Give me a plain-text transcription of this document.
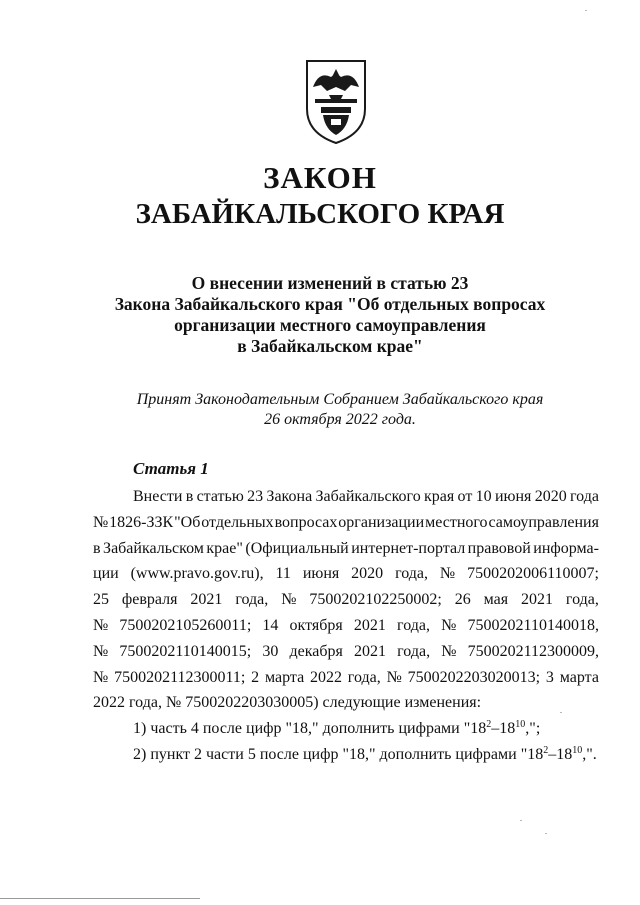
ЗАКОН
ЗАБАЙКАЛЬСКОГО КРАЯ
О внесении изменений в статью 23
Закона Забайкальского края "Об отдельных вопросах
организации местного самоуправления
в Забайкальском крае"
Принят Законодательным Собранием Забайкальского края
26 октября 2022 года.
Статья 1
Внести в статью 23 Закона Забайкальского края от 10 июня 2020 года
№ 1826-ЗЗК "Об отдельных вопросах организации местного самоуправления
в Забайкальском крае" (Официальный интернет-портал правовой информа-
ции (www.pravo.gov.ru), 11 июня 2020 года, № 7500202006110007;
25 февраля 2021 года, № 7500202102250002; 26 мая 2021 года,
№ 7500202105260011; 14 октября 2021 года, № 7500202110140018,
№ 7500202110140015; 30 декабря 2021 года, № 7500202112300009,
№ 7500202112300011; 2 марта 2022 года, № 7500202203020013; 3 марта
2022 года, № 7500202203030005) следующие изменения:
1) часть 4 после цифр "18," дополнить цифрами "$18^2-18^{10}$,";
2) пункт 2 части 5 после цифр "18," дополнить цифрами "$18^2-18^{10}$,".
